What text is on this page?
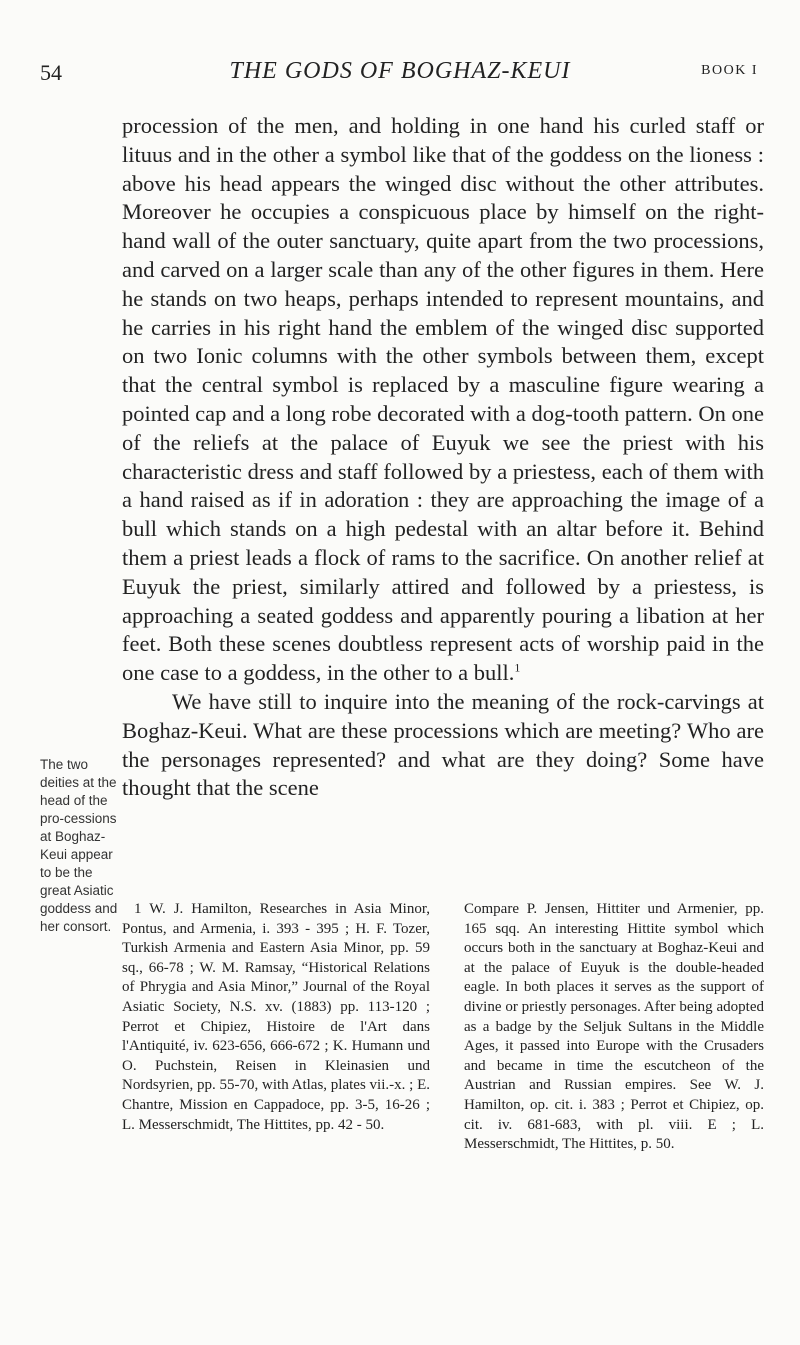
54	THE GODS OF BOGHAZ-KEUI	BOOK I

procession of the men, and holding in one hand his curled staff or lituus and in the other a symbol like that of the goddess on the lioness : above his head appears the winged disc without the other attributes. Moreover he occupies a conspicuous place by himself on the right-hand wall of the outer sanctuary, quite apart from the two processions, and carved on a larger scale than any of the other figures in them. Here he stands on two heaps, perhaps intended to represent mountains, and he carries in his right hand the emblem of the winged disc supported on two Ionic columns with the other symbols between them, except that the central symbol is replaced by a masculine figure wearing a pointed cap and a long robe decorated with a dog-tooth pattern. On one of the reliefs at the palace of Euyuk we see the priest with his characteristic dress and staff followed by a priestess, each of them with a hand raised as if in adoration : they are approaching the image of a bull which stands on a high pedestal with an altar before it. Behind them a priest leads a flock of rams to the sacrifice. On another relief at Euyuk the priest, similarly attired and followed by a priestess, is approaching a seated goddess and apparently pouring a libation at her feet. Both these scenes doubtless represent acts of worship paid in the one case to a goddess, in the other to a bull.$^1$

We have still to inquire into the meaning of the rock-carvings at Boghaz-Keui. What are these processions which are meeting? Who are the personages represented? and what are they doing? Some have thought that the scene

The two deities at the head of the pro-cessions at Boghaz-Keui appear to be the great Asiatic goddess and her consort.

1 W. J. Hamilton, Researches in Asia Minor, Pontus, and Armenia, i. 393 - 395 ; H. F. Tozer, Turkish Armenia and Eastern Asia Minor, pp. 59 sq., 66-78 ; W. M. Ramsay, “Historical Relations of Phrygia and Asia Minor,” Journal of the Royal Asiatic Society, N.S. xv. (1883) pp. 113-120 ; Perrot et Chipiez, Histoire de l'Art dans l'Antiquité, iv. 623-656, 666-672 ; K. Humann und O. Puchstein, Reisen in Kleinasien und Nordsyrien, pp. 55-70, with Atlas, plates vii.-x. ; E. Chantre, Mission en Cappadoce, pp. 3-5, 16-26 ; L. Messerschmidt, The Hittites, pp. 42 - 50.

Compare P. Jensen, Hittiter und Armenier, pp. 165 sqq. An interesting Hittite symbol which occurs both in the sanctuary at Boghaz-Keui and at the palace of Euyuk is the double-headed eagle. In both places it serves as the support of divine or priestly personages. After being adopted as a badge by the Seljuk Sultans in the Middle Ages, it passed into Europe with the Crusaders and became in time the escutcheon of the Austrian and Russian empires. See W. J. Hamilton, op. cit. i. 383 ; Perrot et Chipiez, op. cit. iv. 681-683, with pl. viii. E ; L. Messerschmidt, The Hittites, p. 50.
